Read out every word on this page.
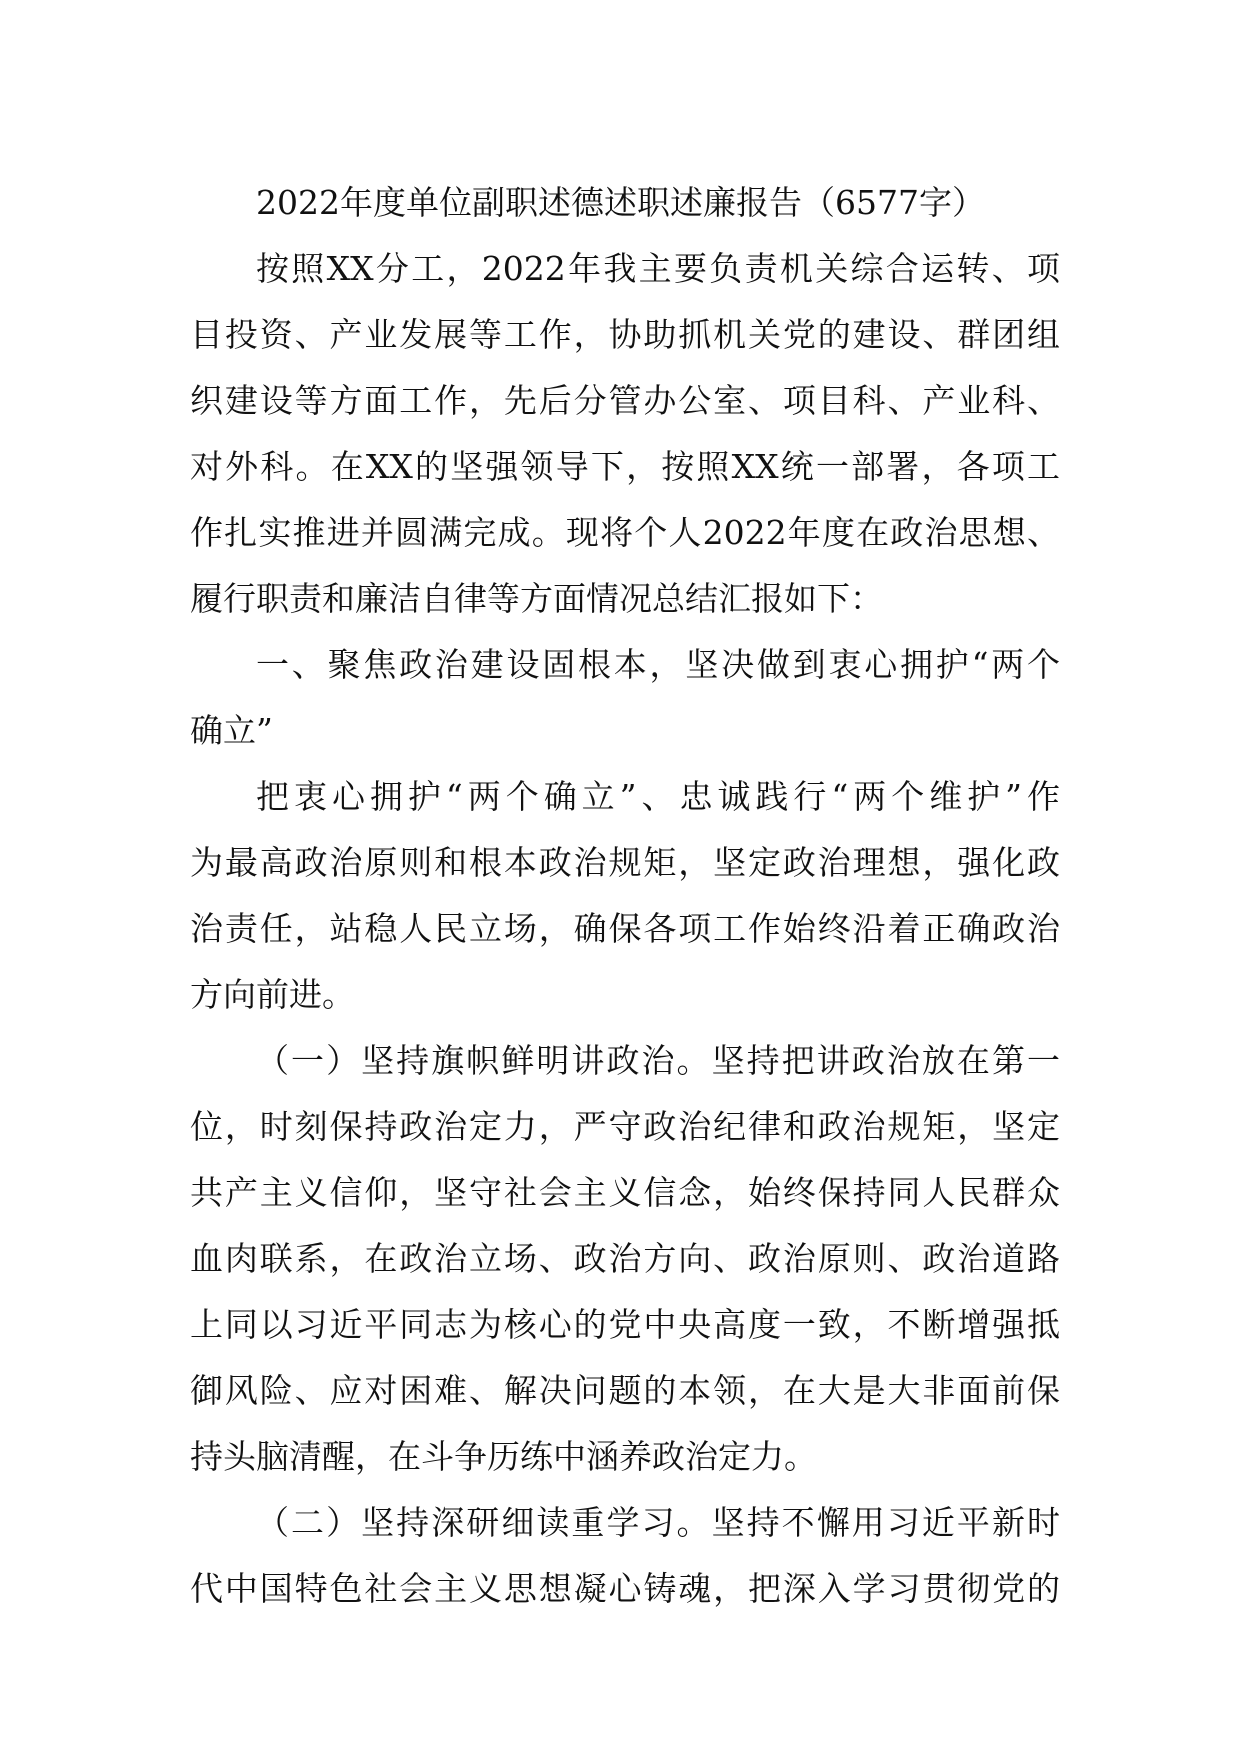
2022年度单位副职述德述职述廉报告（6577字）
按照XX分工，2022年我主要负责机关综合运转、项
目投资、产业发展等工作，协助抓机关党的建设、群团组
织建设等方面工作，先后分管办公室、项目科、产业科、
对外科。在XX的坚强领导下，按照XX统一部署，各项工
作扎实推进并圆满完成。现将个人2022年度在政治思想、
履行职责和廉洁自律等方面情况总结汇报如下：
一、聚焦政治建设固根本，坚决做到衷心拥护“两个
确立”
把衷心拥护“两个确立”、忠诚践行“两个维护”作
为最高政治原则和根本政治规矩，坚定政治理想，强化政
治责任，站稳人民立场，确保各项工作始终沿着正确政治
方向前进。
（一）坚持旗帜鲜明讲政治。坚持把讲政治放在第一
位，时刻保持政治定力，严守政治纪律和政治规矩，坚定
共产主义信仰，坚守社会主义信念，始终保持同人民群众
血肉联系，在政治立场、政治方向、政治原则、政治道路
上同以习近平同志为核心的党中央高度一致，不断增强抵
御风险、应对困难、解决问题的本领，在大是大非面前保
持头脑清醒，在斗争历练中涵养政治定力。
（二）坚持深研细读重学习。坚持不懈用习近平新时
代中国特色社会主义思想凝心铸魂，把深入学习贯彻党的
